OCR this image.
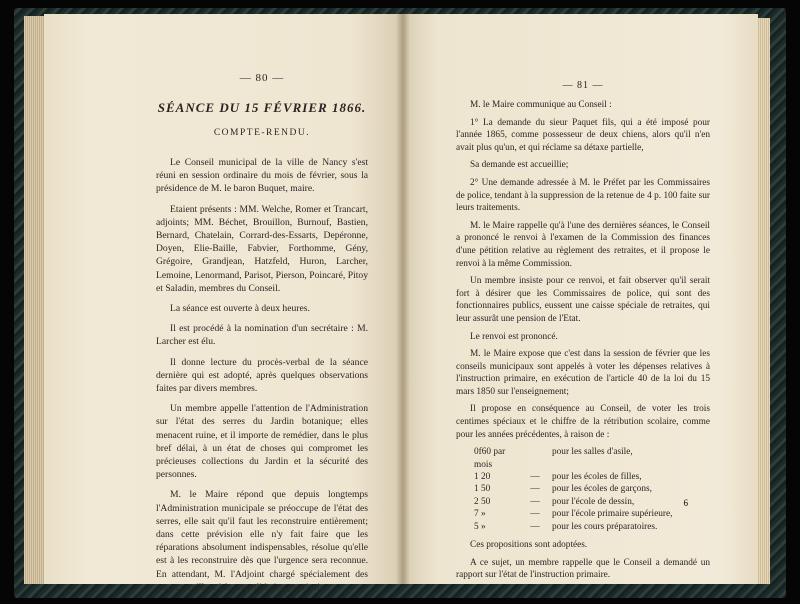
— 80 —
SÉANCE DU 15 FÉVRIER 1866.
COMPTE-RENDU.

Le Conseil municipal de la ville de Nancy s'est réuni en session ordinaire du mois de février, sous la présidence de M. le baron Buquet, maire.

Etaient présents : MM. Welche, Romer et Trancart, adjoints; MM. Béchet, Brouillon, Burnouf, Bastien, Bernard, Chatelain, Corrard-des-Essarts, Depéronne, Doyen, Elie-Baille, Fabvier, Forthomme, Gény, Grégoire, Grandjean, Hatzfeld, Huron, Larcher, Lemoine, Lenormand, Parisot, Pierson, Poincaré, Pitoy et Saladin, membres du Conseil.

La séance est ouverte à deux heures.

Il est procédé à la nomination d'un secrétaire : M. Larcher est élu.

Il donne lecture du procès-verbal de la séance dernière qui est adopté, après quelques observations faites par divers membres.

Un membre appelle l'attention de l'Administration sur l'état des serres du Jardin botanique; elles menacent ruine, et il importe de remédier, dans le plus bref délai, à un état de choses qui compromet les précieuses collections du Jardin et la sécurité des personnes.

M. le Maire répond que depuis longtemps l'Administration municipale se préoccupe de l'état des serres, elle sait qu'il faut les reconstruire entièrement; dans cette prévision elle n'y fait faire que les réparations absolument indispensables, résolue qu'elle est à les reconstruire dès que l'urgence sera reconnue. En attendant, M. l'Adjoint chargé spécialement des travaux veillera à la consolidation provisoire.

— 81 —

M. le Maire communique au Conseil :

1° La demande du sieur Paquet fils, qui a été imposé pour l'année 1865, comme possesseur de deux chiens, alors qu'il n'en avait plus qu'un, et qui réclame sa détaxe partielle,

Sa demande est accueillie;

2° Une demande adressée à M. le Préfet par les Commissaires de police, tendant à la suppression de la retenue de 4 p. 100 faite sur leurs traitements.

M. le Maire rappelle qu'à l'une des dernières séances, le Conseil a prononcé le renvoi à l'examen de la Commission des finances d'une pétition relative au règlement des retraites, et il propose le renvoi à la même Commission.

Un membre insiste pour ce renvoi, et fait observer qu'il serait fort à désirer que les Commissaires de police, qui sont des fonctionnaires publics, eussent une caisse spéciale de retraites, qui leur assurât une pension de l'Etat.

Le renvoi est prononcé.

M. le Maire expose que c'est dans la session de février que les conseils municipaux sont appelés à voter les dépenses relatives à l'instruction primaire, en exécution de l'article 40 de la loi du 15 mars 1850 sur l'enseignement;

Il propose en conséquence au Conseil, de voter les trois centimes spéciaux et le chiffre de la rétribution scolaire, comme pour les années précédentes, à raison de :

0f60 par mois		pour les salles d'asile,
1 20	—	pour les écoles de filles,
1 50	—	pour les écoles de garçons,
2 50	—	pour l'école de dessin,
7 »	—	pour l'école primaire supérieure,
5 »	—	pour les cours préparatoires.

Ces propositions sont adoptées.

A ce sujet, un membre rappelle que le Conseil a demandé un rapport sur l'état de l'instruction primaire.

6
